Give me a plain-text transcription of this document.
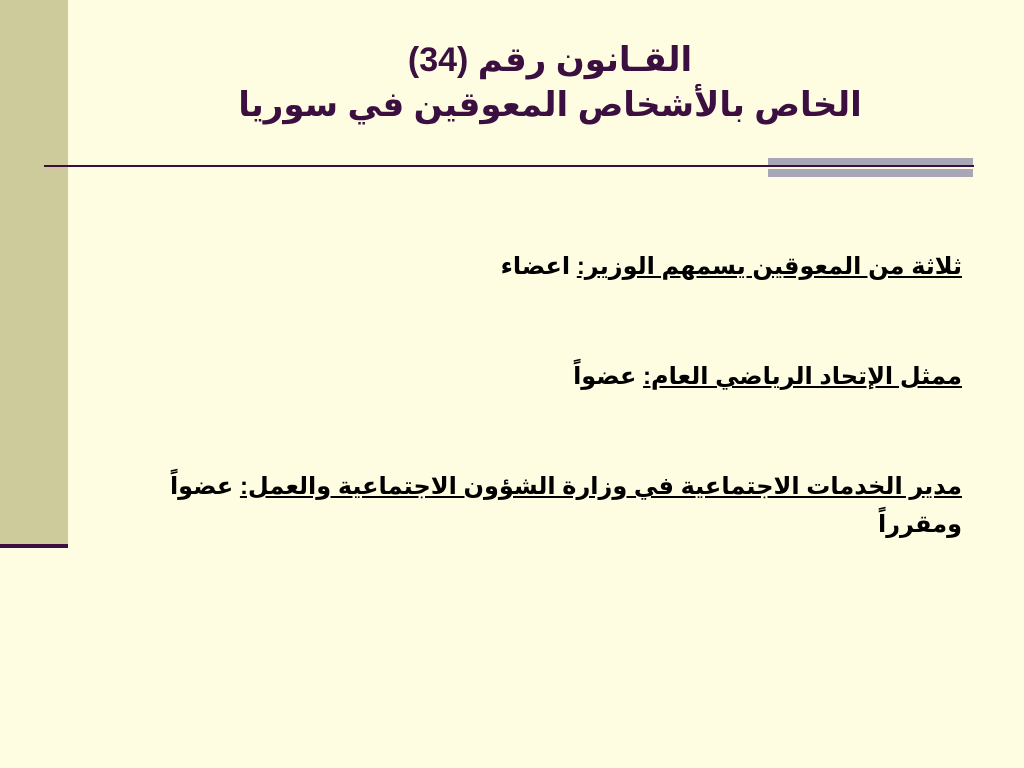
القـانون رقم (34)
الخاص بالأشخاص المعوقين في سوريا

ثلاثة من المعوقين يسمهم الوزير: اعضاء

ممثل الإتحاد الرياضي العام: عضواً

مدير الخدمات الاجتماعية في وزارة الشؤون الاجتماعية والعمل: عضواً ومقرراً
